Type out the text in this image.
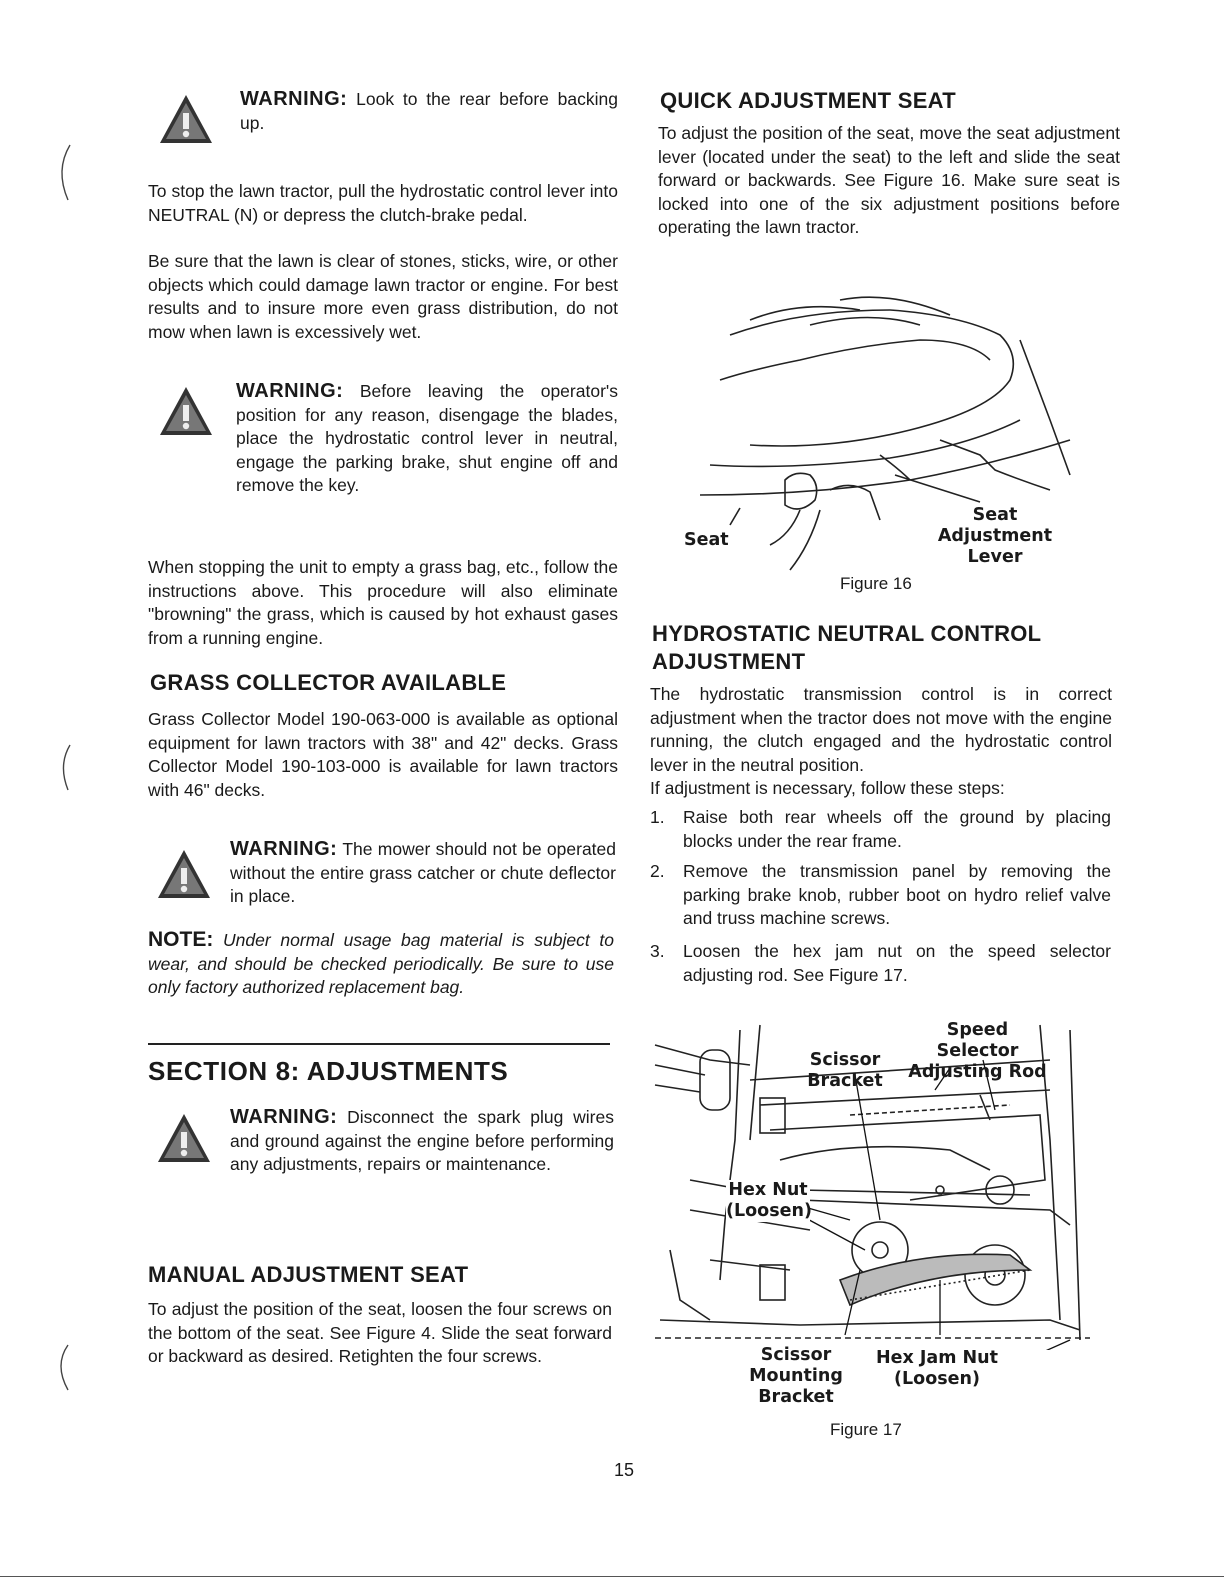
WARNING: Look to the rear before backing up.

To stop the lawn tractor, pull the hydrostatic control lever into NEUTRAL (N) or depress the clutch-brake pedal.

Be sure that the lawn is clear of stones, sticks, wire, or other objects which could damage lawn tractor or engine. For best results and to insure more even grass distribution, do not mow when lawn is excessively wet.

WARNING: Before leaving the operator's position for any reason, disengage the blades, place the hydrostatic control lever in neutral, engage the parking brake, shut engine off and remove the key.

When stopping the unit to empty a grass bag, etc., follow the instructions above. This procedure will also eliminate "browning" the grass, which is caused by hot exhaust gases from a running engine.

GRASS COLLECTOR AVAILABLE

Grass Collector Model 190-063-000 is available as optional equipment for lawn tractors with 38" and 42" decks. Grass Collector Model 190-103-000 is available for lawn tractors with 46" decks.

WARNING: The mower should not be operated without the entire grass catcher or chute deflector in place.

NOTE: Under normal usage bag material is subject to wear, and should be checked periodically. Be sure to use only factory authorized replacement bag.

SECTION 8: ADJUSTMENTS
WARNING: Disconnect the spark plug wires and ground against the engine before performing any adjustments, repairs or maintenance.
MANUAL ADJUSTMENT SEAT

To adjust the position of the seat, loosen the four screws on the bottom of the seat. See Figure 4. Slide the seat forward or backward as desired. Retighten the four screws.

QUICK ADJUSTMENT SEAT

To adjust the position of the seat, move the seat adjustment lever (located under the seat) to the left and slide the seat forward or backwards. See Figure 16. Make sure seat is locked into one of the six adjustment positions before operating the lawn tractor.

Seat
Seat Adjustment Lever
Figure 16
HYDROSTATIC NEUTRAL CONTROL ADJUSTMENT

The hydrostatic transmission control is in correct adjustment when the tractor does not move with the engine running, the clutch engaged and the hydrostatic control lever in the neutral position.

If adjustment is necessary, follow these steps:

1. Raise both rear wheels off the ground by placing blocks under the rear frame.
2. Remove the transmission panel by removing the parking brake knob, rubber boot on hydro relief valve and truss machine screws.
3. Loosen the hex jam nut on the speed selector adjusting rod. See Figure 17.
Speed Selector Adjusting Rod
Scissor Bracket
Hex Nut (Loosen)
Scissor Mounting Bracket
Hex Jam Nut (Loosen)
Figure 17
15
